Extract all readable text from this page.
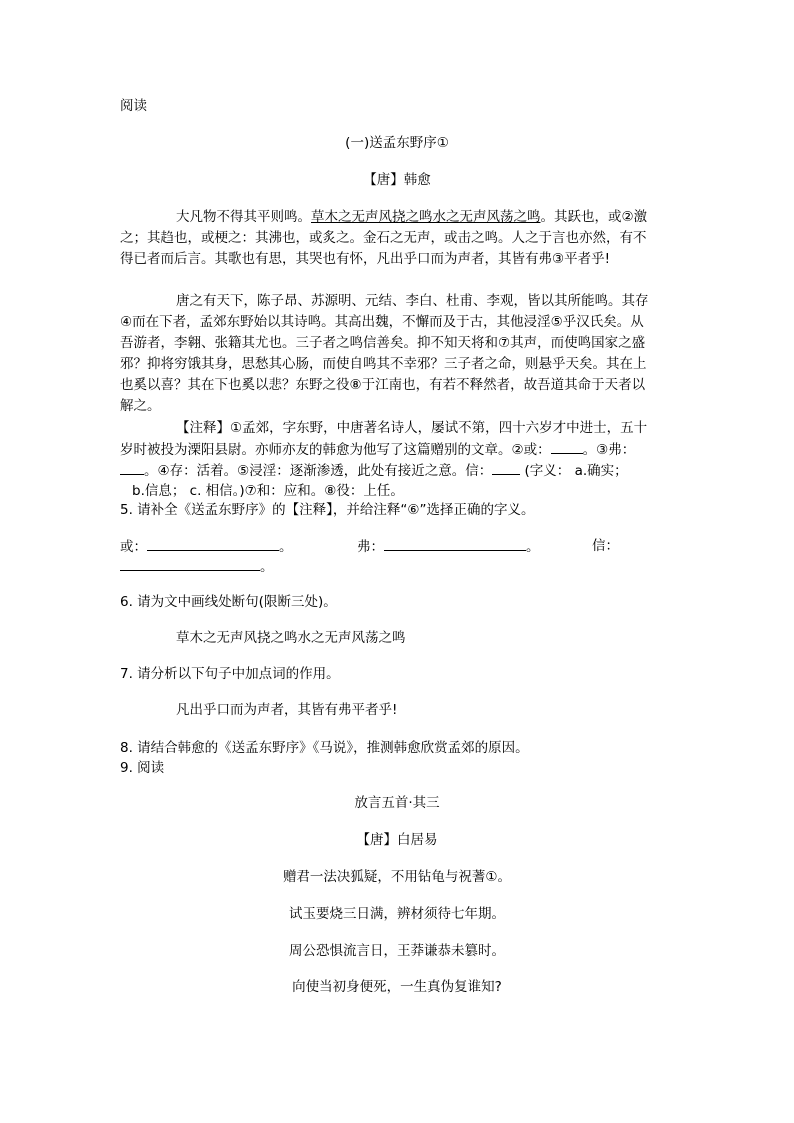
阅读
(一)送孟东野序①
【唐】韩愈
大凡物不得其平则鸣。草木之无声风挠之鸣水之无声风荡之鸣。其跃也，或②激
之；其趋也，或梗之：其沸也，或炙之。金石之无声，或击之鸣。人之于言也亦然，有不
得已者而后言。其歌也有思，其哭也有怀，凡出乎口而为声者，其皆有弗③平者乎!
唐之有天下，陈子昂、苏源明、元结、李白、杜甫、李观，皆以其所能鸣。其存
④而在下者，孟郊东野始以其诗鸣。其高出魏，不懈而及于古，其他浸淫⑤乎汉氏矣。从
吾游者，李翱、张籍其尤也。三子者之鸣信善矣。抑不知天将和⑦其声，而使鸣国家之盛
邪？抑将穷饿其身，思愁其心肠，而使自鸣其不幸邪？三子者之命，则悬乎天矣。其在上
也奚以喜？其在下也奚以悲？东野之役⑧于江南也，有若不释然者，故吾道其命于天者以
解之。
【注释】①孟郊，字东野，中唐著名诗人，屡试不第，四十六岁才中进士，五十
岁时被投为溧阳县尉。亦师亦友的韩愈为他写了这篇赠别的文章。②或： 。③弗：
。④存：活着。⑤浸淫：逐渐渗透，此处有接近之意。信： (字义： a.确实；
b.信息； c. 相信。)⑦和：应和。⑧役：上任。
5. 请补全《送孟东野序》的【注释】，并给注释“⑥”选择正确的字义。
或：	。	弗：	。	信：
。
6. 请为文中画线处断句(限断三处)。
草木之无声风挠之鸣水之无声风荡之鸣
7. 请分析以下句子中加点词的作用。
凡出乎口而为声者，其皆有弗平者乎!
8. 请结合韩愈的《送孟东野序》《马说》，推测韩愈欣赏孟郊的原因。
9. 阅读
放言五首·其三
【唐】白居易
赠君一法决狐疑，不用钻龟与祝蓍①。
试玉要烧三日满，辨材须待七年期。
周公恐惧流言日，王莽谦恭未篡时。
向使当初身便死，一生真伪复谁知?
